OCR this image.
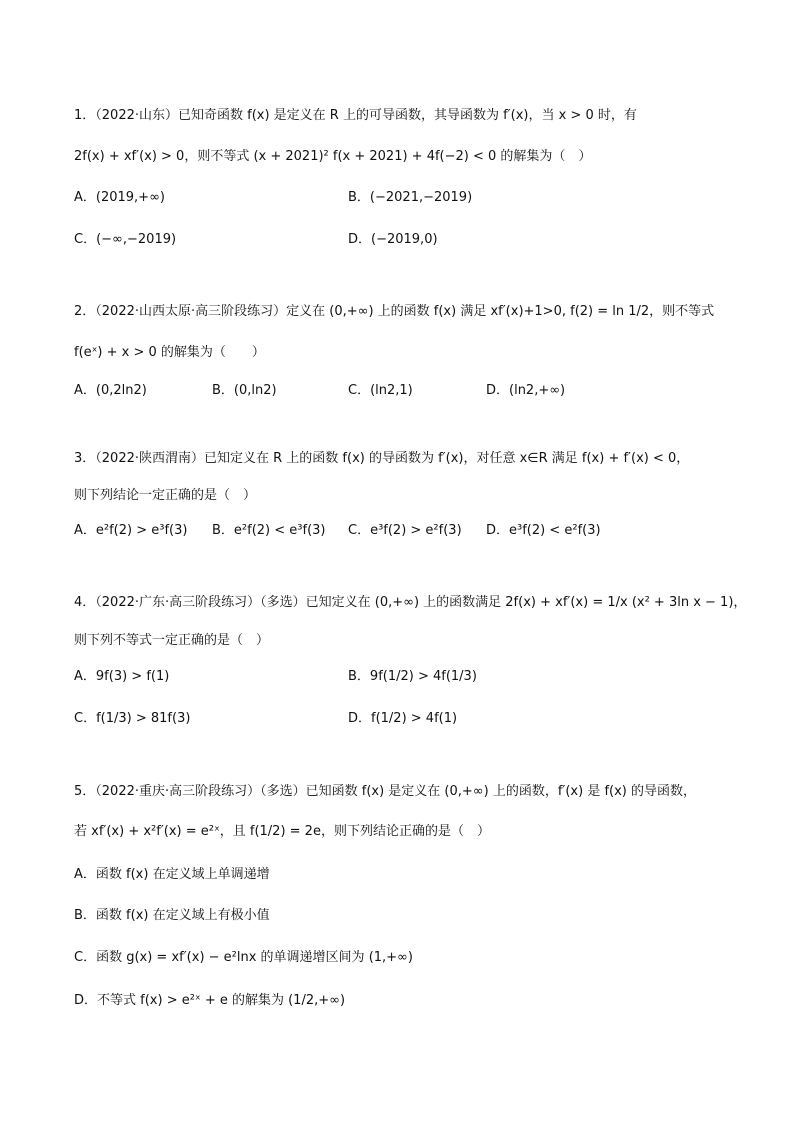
1．（2022·山东）已知奇函数 f(x) 是定义在 R 上的可导函数，其导函数为 f′(x)，当 x > 0 时，有
2f(x) + xf′(x) > 0，则不等式 (x + 2021)² f(x + 2021) + 4f(−2) < 0 的解集为（　）
A．(2019,+∞)	B．(−2021,−2019)
C．(−∞,−2019)	D．(−2019,0)
2．（2022·山西太原·高三阶段练习）定义在 (0,+∞) 上的函数 f(x) 满足 xf′(x)+1>0, f(2) = ln 1/2，则不等式
f(eˣ) + x > 0 的解集为（　　）
A．(0,2ln2)	B．(0,ln2)	C．(ln2,1)	D．(ln2,+∞)
3．（2022·陕西渭南）已知定义在 R 上的函数 f(x) 的导函数为 f′(x)，对任意 x∈R 满足 f(x) + f′(x) < 0，
则下列结论一定正确的是（　）
A．e²f(2) > e³f(3) B．e²f(2) < e³f(3) C．e³f(2) > e²f(3) D．e³f(2) < e²f(3)
4．（2022·广东·高三阶段练习）（多选）已知定义在 (0,+∞) 上的函数满足 2f(x) + xf′(x) = 1/x (x² + 3ln x − 1)，
则下列不等式一定正确的是（　）
A．9f(3) > f(1)	B．9f(1/2) > 4f(1/3)
C．f(1/3) > 81f(3)	D．f(1/2) > 4f(1)
5．（2022·重庆·高三阶段练习）（多选）已知函数 f(x) 是定义在 (0,+∞) 上的函数，f′(x) 是 f(x) 的导函数，
若 xf′(x) + x²f′(x) = e²ˣ，且 f(1/2) = 2e，则下列结论正确的是（　）
A．函数 f(x) 在定义域上单调递增
B．函数 f(x) 在定义域上有极小值
C．函数 g(x) = xf′(x) − e²lnx 的单调递增区间为 (1,+∞)
D．不等式 f(x) > e²ˣ + e 的解集为 (1/2,+∞)
